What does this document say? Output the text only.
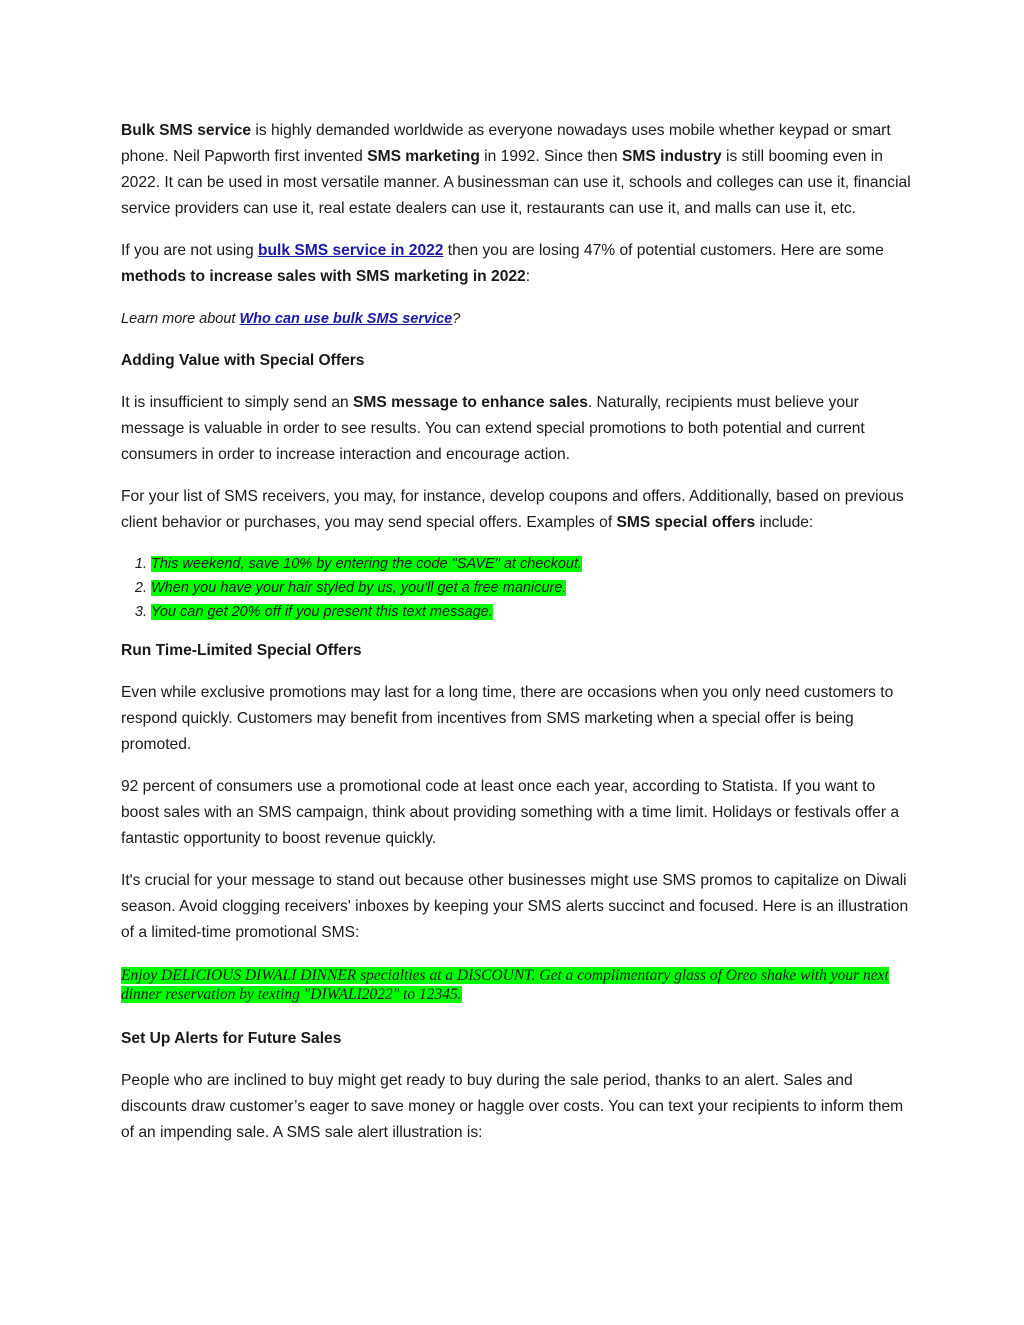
Bulk SMS service is highly demanded worldwide as everyone nowadays uses mobile whether keypad or smart phone. Neil Papworth first invented SMS marketing in 1992. Since then SMS industry is still booming even in 2022. It can be used in most versatile manner. A businessman can use it, schools and colleges can use it, financial service providers can use it, real estate dealers can use it, restaurants can use it, and malls can use it, etc.

If you are not using bulk SMS service in 2022 then you are losing 47% of potential customers. Here are some methods to increase sales with SMS marketing in 2022:

Learn more about Who can use bulk SMS service?

Adding Value with Special Offers

It is insufficient to simply send an SMS message to enhance sales. Naturally, recipients must believe your message is valuable in order to see results. You can extend special promotions to both potential and current consumers in order to increase interaction and encourage action.

For your list of SMS receivers, you may, for instance, develop coupons and offers. Additionally, based on previous client behavior or purchases, you may send special offers. Examples of SMS special offers include:

1. This weekend, save 10% by entering the code "SAVE" at checkout.
2. When you have your hair styled by us, you'll get a free manicure.
3. You can get 20% off if you present this text message.

Run Time-Limited Special Offers

Even while exclusive promotions may last for a long time, there are occasions when you only need customers to respond quickly. Customers may benefit from incentives from SMS marketing when a special offer is being promoted.

92 percent of consumers use a promotional code at least once each year, according to Statista. If you want to boost sales with an SMS campaign, think about providing something with a time limit. Holidays or festivals offer a fantastic opportunity to boost revenue quickly.

It's crucial for your message to stand out because other businesses might use SMS promos to capitalize on Diwali season. Avoid clogging receivers' inboxes by keeping your SMS alerts succinct and focused. Here is an illustration of a limited-time promotional SMS:

Enjoy DELICIOUS DIWALI DINNER specialties at a DISCOUNT. Get a complimentary glass of Oreo shake with your next dinner reservation by texting "DIWALI2022" to 12345.

Set Up Alerts for Future Sales

People who are inclined to buy might get ready to buy during the sale period, thanks to an alert. Sales and discounts draw customer’s eager to save money or haggle over costs. You can text your recipients to inform them of an impending sale. A SMS sale alert illustration is:
